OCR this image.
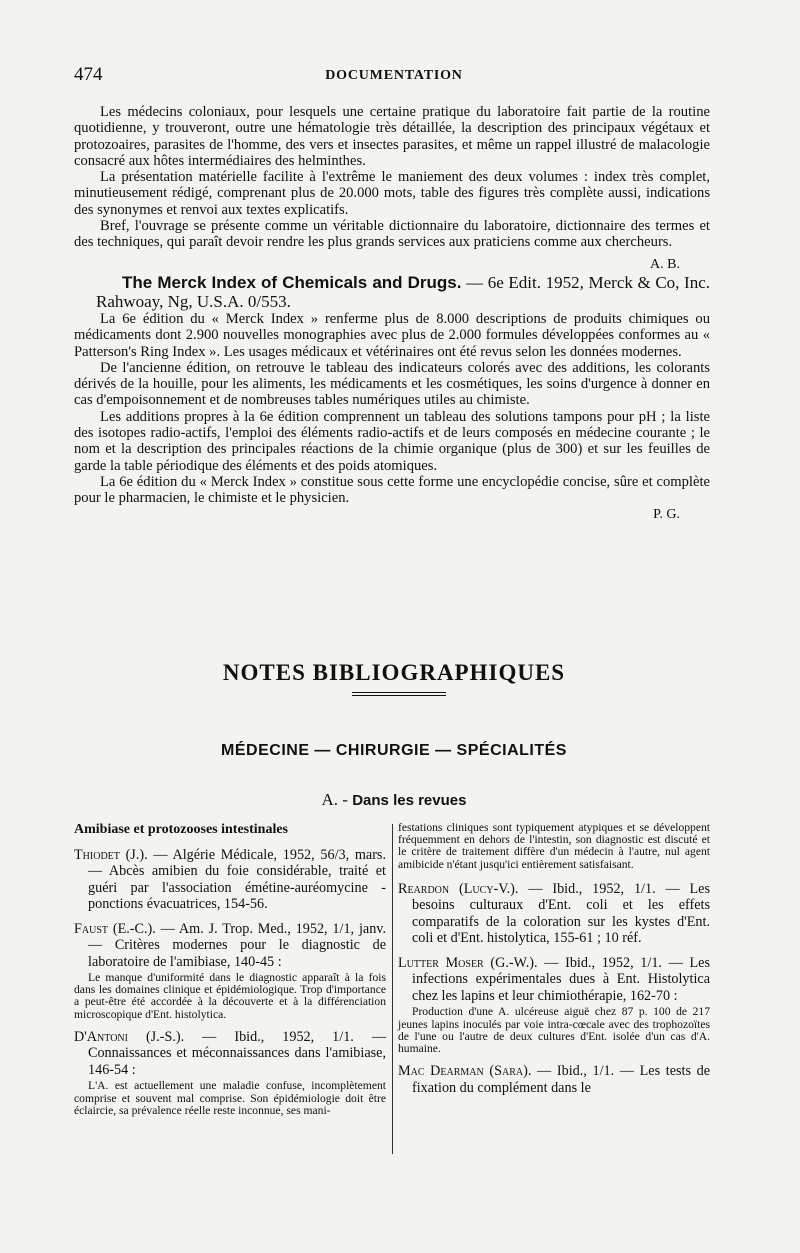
474	DOCUMENTATION

Les médecins coloniaux, pour lesquels une certaine pratique du laboratoire fait partie de la routine quotidienne, y trouveront, outre une hématologie très détaillée, la description des principaux végétaux et protozoaires, parasites de l'homme, des vers et insectes parasites, et même un rappel illustré de malacologie consacré aux hôtes intermédiaires des helminthes.

La présentation matérielle facilite à l'extrême le maniement des deux volumes : index très complet, minutieusement rédigé, comprenant plus de 20.000 mots, table des figures très complète aussi, indications des synonymes et renvoi aux textes explicatifs.

Bref, l'ouvrage se présente comme un véritable dictionnaire du laboratoire, dictionnaire des termes et des techniques, qui paraît devoir rendre les plus grands services aux praticiens comme aux chercheurs.

A. B.

The Merck Index of Chemicals and Drugs. — 6e Edit. 1952, Merck & Co, Inc. Rahwoay, Ng, U.S.A. 0/553.

La 6e édition du « Merck Index » renferme plus de 8.000 descriptions de produits chimiques ou médicaments dont 2.900 nouvelles monographies avec plus de 2.000 formules développées conformes au « Patterson's Ring Index ». Les usages médicaux et vétérinaires ont été revus selon les données modernes.

De l'ancienne édition, on retrouve le tableau des indicateurs colorés avec des additions, les colorants dérivés de la houille, pour les aliments, les médicaments et les cosmétiques, les soins d'urgence à donner en cas d'empoisonnement et de nombreuses tables numériques utiles au chimiste.

Les additions propres à la 6e édition comprennent un tableau des solutions tampons pour pH ; la liste des isotopes radio-actifs, l'emploi des éléments radio-actifs et de leurs composés en médecine courante ; le nom et la description des principales réactions de la chimie organique (plus de 300) et sur les feuilles de garde la table périodique des éléments et des poids atomiques.

La 6e édition du « Merck Index » constitue sous cette forme une encyclopédie concise, sûre et complète pour le pharmacien, le chimiste et le physicien.

P. G.

NOTES BIBLIOGRAPHIQUES
MÉDECINE — CHIRURGIE — SPÉCIALITÉS
A. - Dans les revues
Amibiase et protozooses intestinales
Thiodet (J.). — Algérie Médicale, 1952, 56/3, mars. — Abcès amibien du foie considérable, traité et guéri par l'association émétine-auréomycine - ponctions évacuatrices, 154-56.
Faust (E.-C.). — Am. J. Trop. Med., 1952, 1/1, janv. — Critères modernes pour le diagnostic de laboratoire de l'amibiase, 140-45 :

Le manque d'uniformité dans le diagnostic apparaît à la fois dans les domaines clinique et épidémiologique. Trop d'importance a peut-être été accordée à la découverte et à la différenciation microscopique d'Ent. histolytica.

D'Antoni (J.-S.). — Ibid., 1952, 1/1. — Connaissances et méconnaissances dans l'amibiase, 146-54 :

L'A. est actuellement une maladie confuse, incomplètement comprise et souvent mal comprise. Son épidémiologie doit être éclaircie, sa prévalence réelle reste inconnue, ses mani-

festations cliniques sont typiquement atypiques et se développent fréquemment en dehors de l'intestin, son diagnostic est discuté et le critère de traitement diffère d'un médecin à l'autre, nul agent amibicide n'étant jusqu'ici entièrement satisfaisant.
Reardon (Lucy-V.). — Ibid., 1952, 1/1. — Les besoins culturaux d'Ent. coli et les effets comparatifs de la coloration sur les kystes d'Ent. coli et d'Ent. histolytica, 155-61 ; 10 réf.
Lutter Moser (G.-W.). — Ibid., 1952, 1/1. — Les infections expérimentales dues à Ent. Histolytica chez les lapins et leur chimiothérapie, 162-70 :

Production d'une A. ulcéreuse aiguë chez 87 p. 100 de 217 jeunes lapins inoculés par voie intra-cœcale avec des trophozoïtes de l'une ou l'autre de deux cultures d'Ent. isolée d'un cas d'A. humaine.

Mac Dearman (Sara). — Ibid., 1/1. — Les tests de fixation du complément dans le
